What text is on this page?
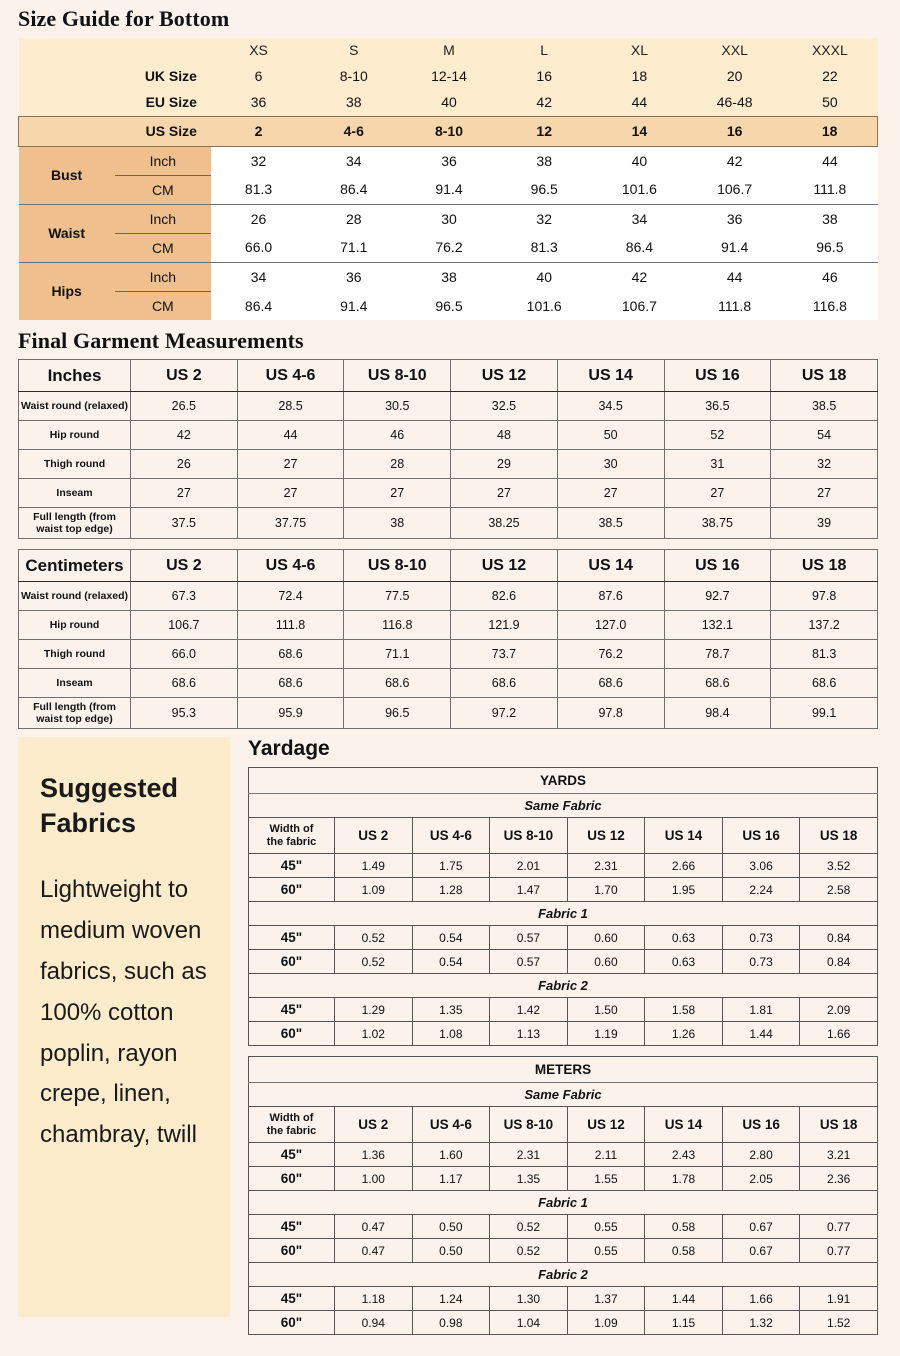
Size Guide for Bottom
		XS	S	M	L	XL	XXL	XXXL
UK Size		6	8-10	12-14	16	18	20	22
EU Size		36	38	40	42	44	46-48	50
US Size		2	4-6	8-10	12	14	16	18
Bust	Inch	32	34	36	38	40	42	44
	CM	81.3	86.4	91.4	96.5	101.6	106.7	111.8
Waist	Inch	26	28	30	32	34	36	38
	CM	66.0	71.1	76.2	81.3	86.4	91.4	96.5
Hips	Inch	34	36	38	40	42	44	46
	CM	86.4	91.4	96.5	101.6	106.7	111.8	116.8
Final Garment Measurements
Inches	US 2	US 4-6	US 8-10	US 12	US 14	US 16	US 18
Waist round (relaxed)	26.5	28.5	30.5	32.5	34.5	36.5	38.5
Hip round	42	44	46	48	50	52	54
Thigh round	26	27	28	29	30	31	32
Inseam	27	27	27	27	27	27	27
Full length (from waist top edge)	37.5	37.75	38	38.25	38.5	38.75	39
Centimeters	US 2	US 4-6	US 8-10	US 12	US 14	US 16	US 18
Waist round (relaxed)	67.3	72.4	77.5	82.6	87.6	92.7	97.8
Hip round	106.7	111.8	116.8	121.9	127.0	132.1	137.2
Thigh round	66.0	68.6	71.1	73.7	76.2	78.7	81.3
Inseam	68.6	68.6	68.6	68.6	68.6	68.6	68.6
Full length (from waist top edge)	95.3	95.9	96.5	97.2	97.8	98.4	99.1
Suggested Fabrics
Lightweight to medium woven fabrics, such as 100% cotton poplin, rayon crepe, linen, chambray, twill
Yardage
YARDS							
Same Fabric							
Width of
the fabric	US 2	US 4-6	US 8-10	US 12	US 14	US 16	US 18
45"	1.49	1.75	2.01	2.31	2.66	3.06	3.52
60"	1.09	1.28	1.47	1.70	1.95	2.24	2.58
Fabric 1							
45"	0.52	0.54	0.57	0.60	0.63	0.73	0.84
60"	0.52	0.54	0.57	0.60	0.63	0.73	0.84
Fabric 2							
45"	1.29	1.35	1.42	1.50	1.58	1.81	2.09
60"	1.02	1.08	1.13	1.19	1.26	1.44	1.66
METERS							
Same Fabric							
Width of
the fabric	US 2	US 4-6	US 8-10	US 12	US 14	US 16	US 18
45"	1.36	1.60	2.31	2.11	2.43	2.80	3.21
60"	1.00	1.17	1.35	1.55	1.78	2.05	2.36
Fabric 1							
45"	0.47	0.50	0.52	0.55	0.58	0.67	0.77
60"	0.47	0.50	0.52	0.55	0.58	0.67	0.77
Fabric 2							
45"	1.18	1.24	1.30	1.37	1.44	1.66	1.91
60"	0.94	0.98	1.04	1.09	1.15	1.32	1.52
